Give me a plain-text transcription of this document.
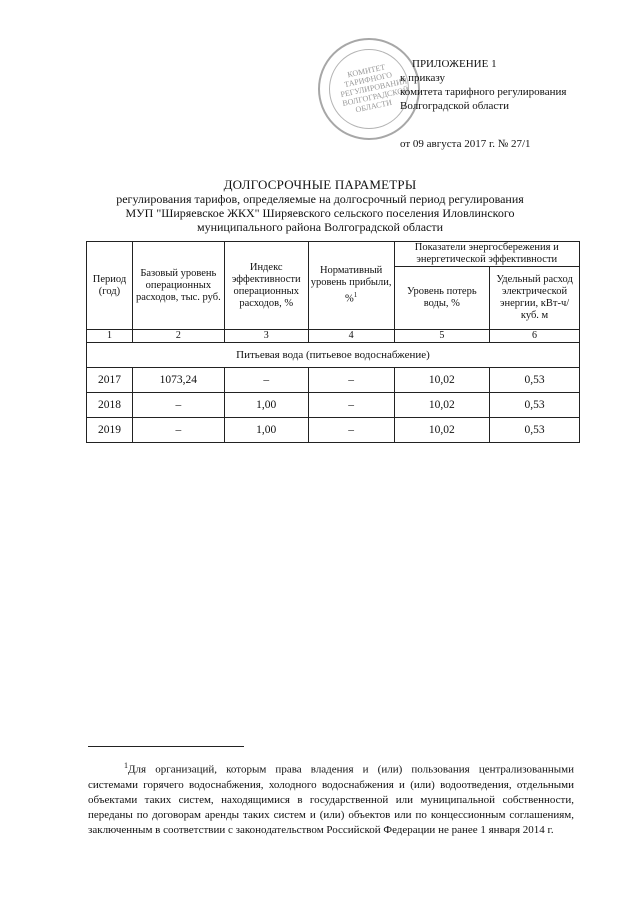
КОМИТЕТ ТАРИФНОГО РЕГУЛИРОВАНИЯ ВОЛГОГРАДСКОЙ ОБЛАСТИ
ПРИЛОЖЕНИЕ 1
к приказу
комитета тарифного регулирования
Волгоградской области
от 09 августа 2017 г. № 27/1
ДОЛГОСРОЧНЫЕ ПАРАМЕТРЫ
регулирования тарифов, определяемые на долгосрочный период регулирования
МУП "Ширяевское ЖКХ" Ширяевского сельского поселения Иловлинского
муниципального района Волгоградской области
Период (год)	Базовый уровень операционных расходов, тыс. руб.	Индекс эффективности операционных расходов, %	Нормативный уровень прибыли, %$^1$	Показатели энергосбережения и энергетической эффективности	
				Уровень потерь воды, %	Удельный расход электрической энергии, кВт-ч/ куб. м
1	2	3	4	5	6
Питьевая вода (питьевое водоснабжение)					
2017	1073,24	–	–	10,02	0,53
2018	–	1,00	–	10,02	0,53
2019	–	1,00	–	10,02	0,53
$^1$Для организаций, которым права владения и (или) пользования централизованными системами горячего водоснабжения, холодного водоснабжения и (или) водоотведения, отдельными объектами таких систем, находящимися в государственной или муниципальной собственности, переданы по договорам аренды таких систем и (или) объектов или по концессионным соглашениям, заключенным в соответствии с законодательством Российской Федерации не ранее 1 января 2014 г.
